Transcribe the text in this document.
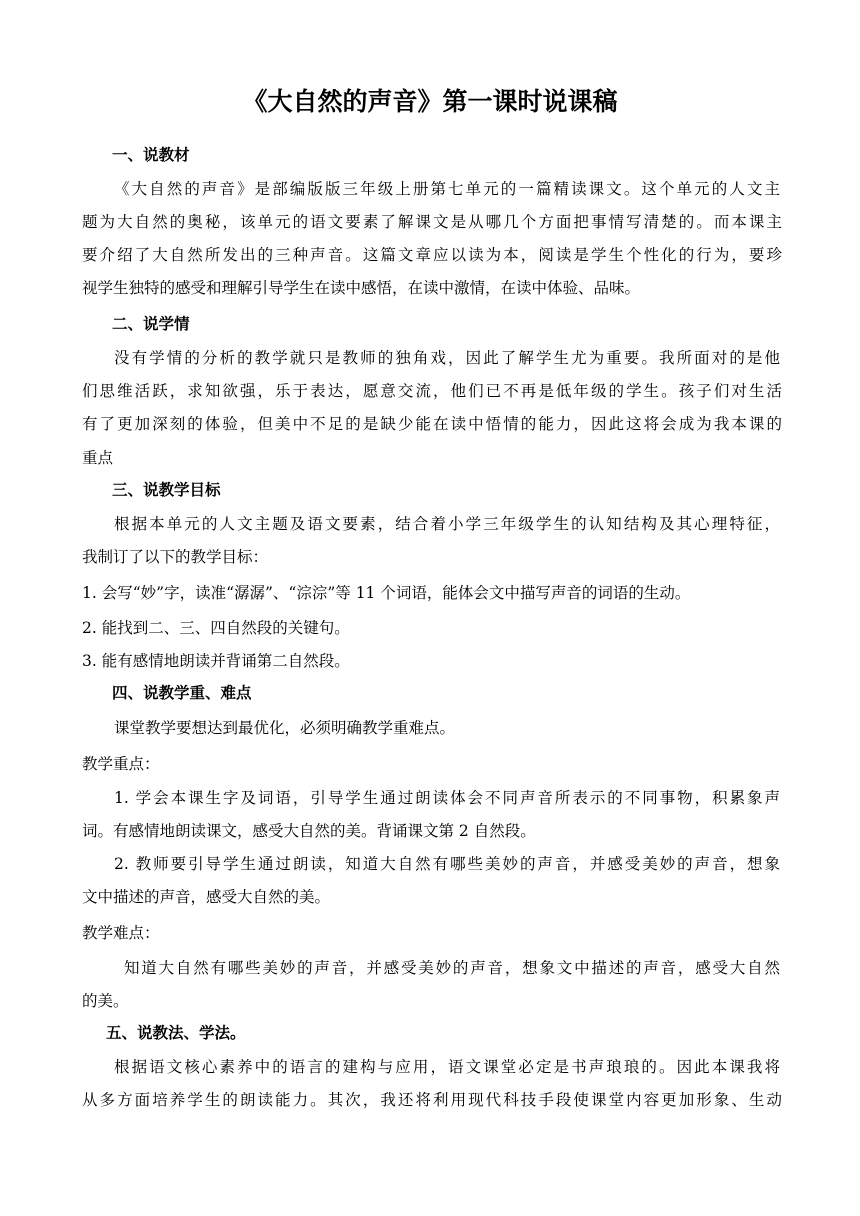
《大自然的声音》第一课时说课稿
一、说教材
《大自然的声音》是部编版版三年级上册第七单元的一篇精读课文。这个单元的人文主
题为大自然的奥秘，该单元的语文要素了解课文是从哪几个方面把事情写清楚的。而本课主
要介绍了大自然所发出的三种声音。这篇文章应以读为本，阅读是学生个性化的行为，要珍
视学生独特的感受和理解引导学生在读中感悟，在读中激情，在读中体验、品味。
二、说学情
没有学情的分析的教学就只是教师的独角戏，因此了解学生尤为重要。我所面对的是他
们思维活跃，求知欲强，乐于表达，愿意交流，他们已不再是低年级的学生。孩子们对生活
有了更加深刻的体验，但美中不足的是缺少能在读中悟情的能力，因此这将会成为我本课的
重点
三、说教学目标
根据本单元的人文主题及语文要素，结合着小学三年级学生的认知结构及其心理特征，
我制订了以下的教学目标：
1. 会写“妙”字，读准“潺潺”、“淙淙”等 11 个词语，能体会文中描写声音的词语的生动。
2. 能找到二、三、四自然段的关键句。
3. 能有感情地朗读并背诵第二自然段。
四、说教学重、难点
课堂教学要想达到最优化，必须明确教学重难点。
教学重点：
1. 学会本课生字及词语，引导学生通过朗读体会不同声音所表示的不同事物，积累象声
词。有感情地朗读课文，感受大自然的美。背诵课文第 2 自然段。
2. 教师要引导学生通过朗读，知道大自然有哪些美妙的声音，并感受美妙的声音，想象
文中描述的声音，感受大自然的美。
教学难点：
知道大自然有哪些美妙的声音，并感受美妙的声音，想象文中描述的声音，感受大自然
的美。
五、说教法、学法。
根据语文核心素养中的语言的建构与应用，语文课堂必定是书声琅琅的。因此本课我将
从多方面培养学生的朗读能力。其次，我还将利用现代科技手段使课堂内容更加形象、生动
